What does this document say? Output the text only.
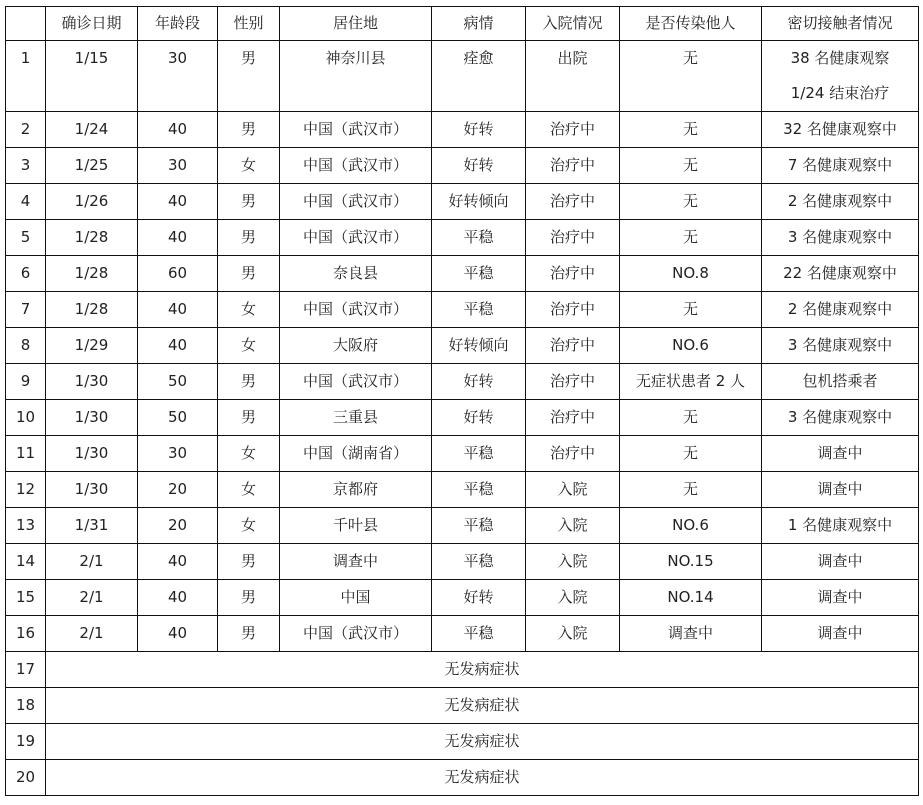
	确诊日期	年龄段	性别	居住地	病情	入院情况	是否传染他人	密切接触者情况
1	1/15	30	男	神奈川县	痊愈	出院	无	38 名健康观察
1/24 结束治疗

2	1/24	40	男	中国（武汉市）	好转	治疗中	无	32 名健康观察中
3	1/25	30	女	中国（武汉市）	好转	治疗中	无	7 名健康观察中
4	1/26	40	男	中国（武汉市）	好转倾向	治疗中	无	2 名健康观察中
5	1/28	40	男	中国（武汉市）	平稳	治疗中	无	3 名健康观察中
6	1/28	60	男	奈良县	平稳	治疗中	NO.8	22 名健康观察中
7	1/28	40	女	中国（武汉市）	平稳	治疗中	无	2 名健康观察中
8	1/29	40	女	大阪府	好转倾向	治疗中	NO.6	3 名健康观察中
9	1/30	50	男	中国（武汉市）	好转	治疗中	无症状患者 2 人	包机搭乘者
10	1/30	50	男	三重县	好转	治疗中	无	3 名健康观察中
11	1/30	30	女	中国（湖南省）	平稳	治疗中	无	调查中
12	1/30	20	女	京都府	平稳	入院	无	调查中
13	1/31	20	女	千叶县	平稳	入院	NO.6	1 名健康观察中
14	2/1	40	男	调查中	平稳	入院	NO.15	调查中
15	2/1	40	男	中国	好转	入院	NO.14	调查中
16	2/1	40	男	中国（武汉市）	平稳	入院	调查中	调查中
17	无发病症状							
18	无发病症状							
19	无发病症状							
20	无发病症状							
